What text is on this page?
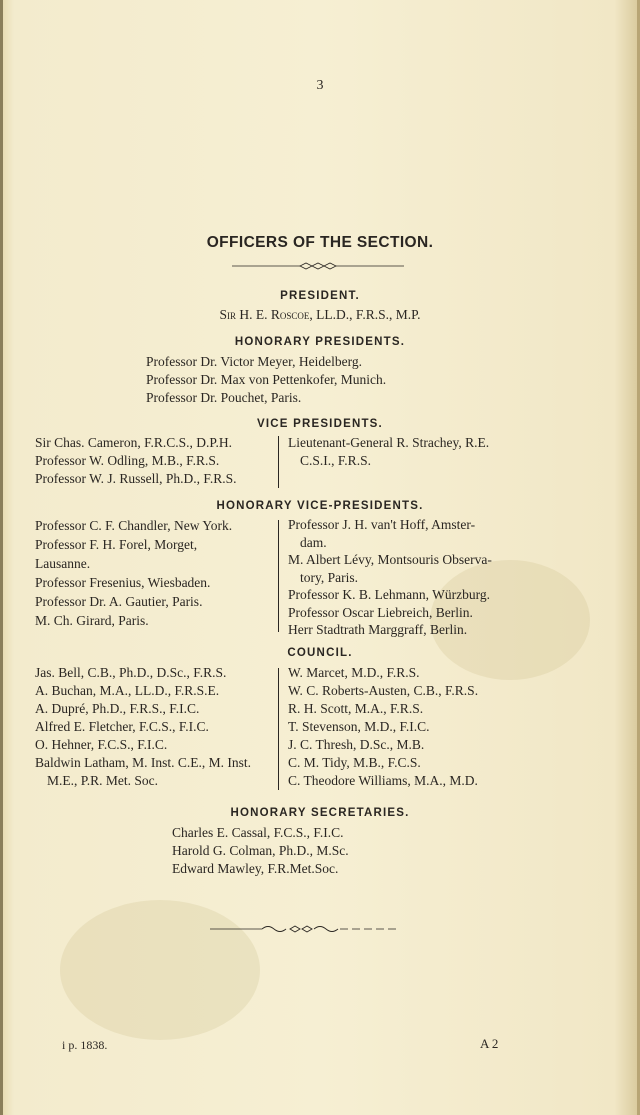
3
OFFICERS OF THE SECTION.
PRESIDENT.
Sir H. E. Roscoe, LL.D., F.R.S., M.P.
HONORARY PRESIDENTS.
Professor Dr. Victor Meyer, Heidelberg.
Professor Dr. Max von Pettenkofer, Munich.
Professor Dr. Pouchet, Paris.
VICE PRESIDENTS.
Sir Chas. Cameron, F.R.C.S., D.P.H.
Professor W. Odling, M.B., F.R.S.
Professor W. J. Russell, Ph.D., F.R.S.
Lieutenant-General R. Strachey, R.E.
C.S.I., F.R.S.
HONORARY VICE-PRESIDENTS.
Professor C. F. Chandler, New York.
Professor F. H. Forel, Morget,
Lausanne.
Professor Fresenius, Wiesbaden.
Professor Dr. A. Gautier, Paris.
M. Ch. Girard, Paris.
Professor J. H. van't Hoff, Amster-
dam.
M. Albert Lévy, Montsouris Observa-
tory, Paris.
Professor K. B. Lehmann, Würzburg.
Professor Oscar Liebreich, Berlin.
Herr Stadtrath Marggraff, Berlin.
COUNCIL.
Jas. Bell, C.B., Ph.D., D.Sc., F.R.S.
A. Buchan, M.A., LL.D., F.R.S.E.
A. Dupré, Ph.D., F.R.S., F.I.C.
Alfred E. Fletcher, F.C.S., F.I.C.
O. Hehner, F.C.S., F.I.C.
Baldwin Latham, M. Inst. C.E., M. Inst.
M.E., P.R. Met. Soc.
W. Marcet, M.D., F.R.S.
W. C. Roberts-Austen, C.B., F.R.S.
R. H. Scott, M.A., F.R.S.
T. Stevenson, M.D., F.I.C.
J. C. Thresh, D.Sc., M.B.
C. M. Tidy, M.B., F.C.S.
C. Theodore Williams, M.A., M.D.
HONORARY SECRETARIES.
Charles E. Cassal, F.C.S., F.I.C.
Harold G. Colman, Ph.D., M.Sc.
Edward Mawley, F.R.Met.Soc.
i p. 1838.	A 2
